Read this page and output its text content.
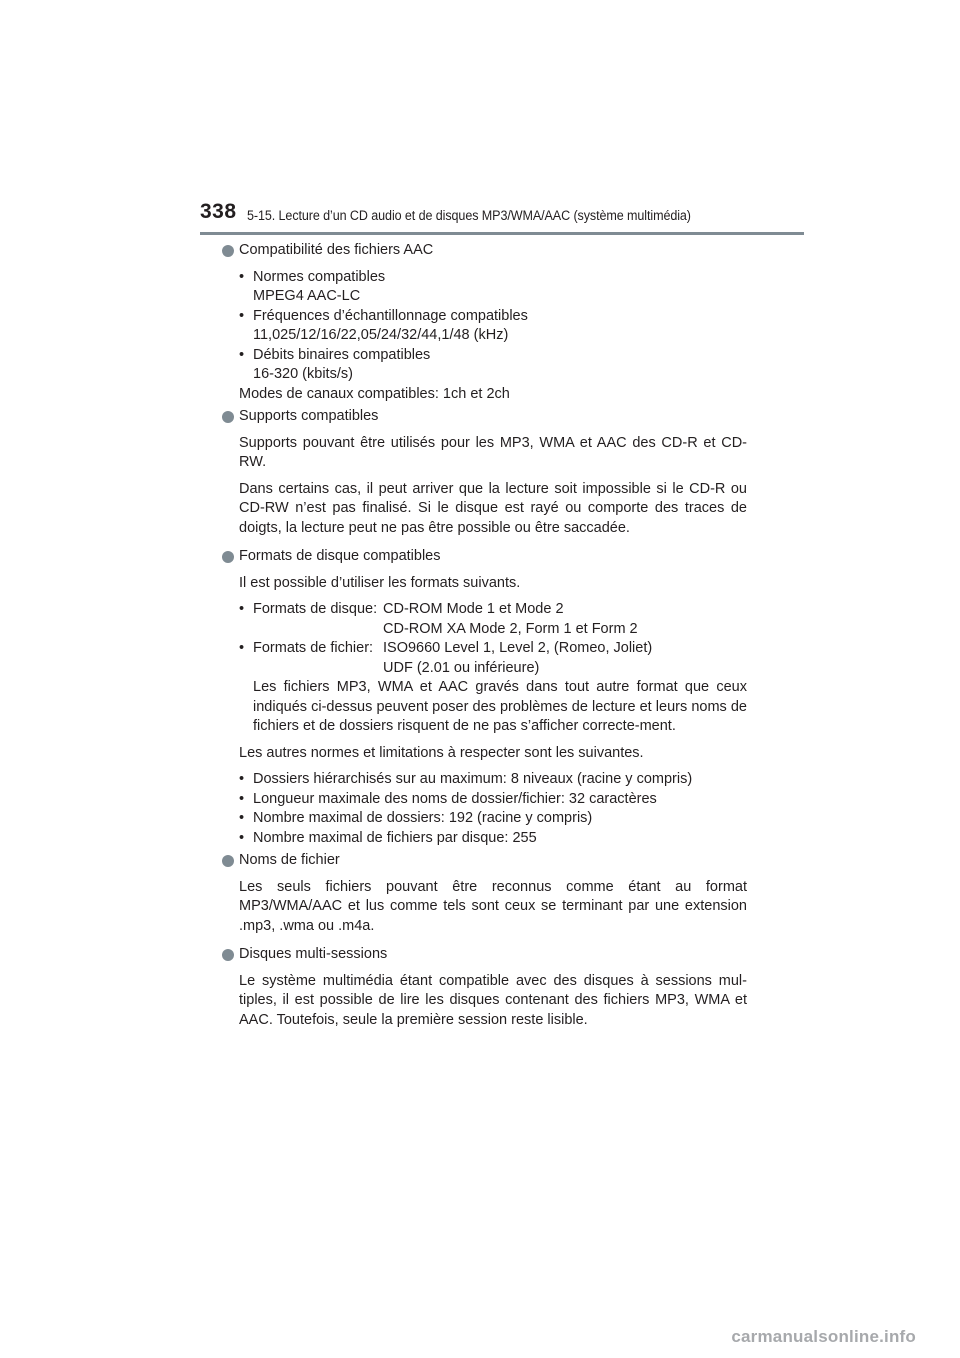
338 5-15. Lecture d’un CD audio et de disques MP3/WMA/AAC (système multimédia)
Compatibilité des fichiers AAC
• Normes compatibles
MPEG4 AAC-LC
• Fréquences d’échantillonnage compatibles
11,025/12/16/22,05/24/32/44,1/48 (kHz)
• Débits binaires compatibles
16-320 (kbits/s)

Modes de canaux compatibles: 1ch et 2ch

Supports compatibles

Supports pouvant être utilisés pour les MP3, WMA et AAC des CD-R et CD-RW.

Dans certains cas, il peut arriver que la lecture soit impossible si le CD-R ou CD-RW n’est pas finalisé. Si le disque est rayé ou comporte des traces de doigts, la lecture peut ne pas être possible ou être saccadée.

Formats de disque compatibles

Il est possible d’utiliser les formats suivants.

• Formats de disque: CD-ROM Mode 1 et Mode 2
CD-ROM XA Mode 2, Form 1 et Form 2
• Formats de fichier: ISO9660 Level 1, Level 2, (Romeo, Joliet)
UDF (2.01 ou inférieure)
Les fichiers MP3, WMA et AAC gravés dans tout autre format que ceux indiqués ci-dessus peuvent poser des problèmes de lecture et leurs noms de fichiers et de dossiers risquent de ne pas s’afficher correcte-ment.

Les autres normes et limitations à respecter sont les suivantes.

• Dossiers hiérarchisés sur au maximum: 8 niveaux (racine y compris)
• Longueur maximale des noms de dossier/fichier: 32 caractères
• Nombre maximal de dossiers: 192 (racine y compris)
• Nombre maximal de fichiers par disque: 255
Noms de fichier

Les seuls fichiers pouvant être reconnus comme étant au format MP3/WMA/AAC et lus comme tels sont ceux se terminant par une extension .mp3, .wma ou .m4a.

Disques multi-sessions

Le système multimédia étant compatible avec des disques à sessions mul-tiples, il est possible de lire les disques contenant des fichiers MP3, WMA et AAC. Toutefois, seule la première session reste lisible.

carmanualsonline.info
